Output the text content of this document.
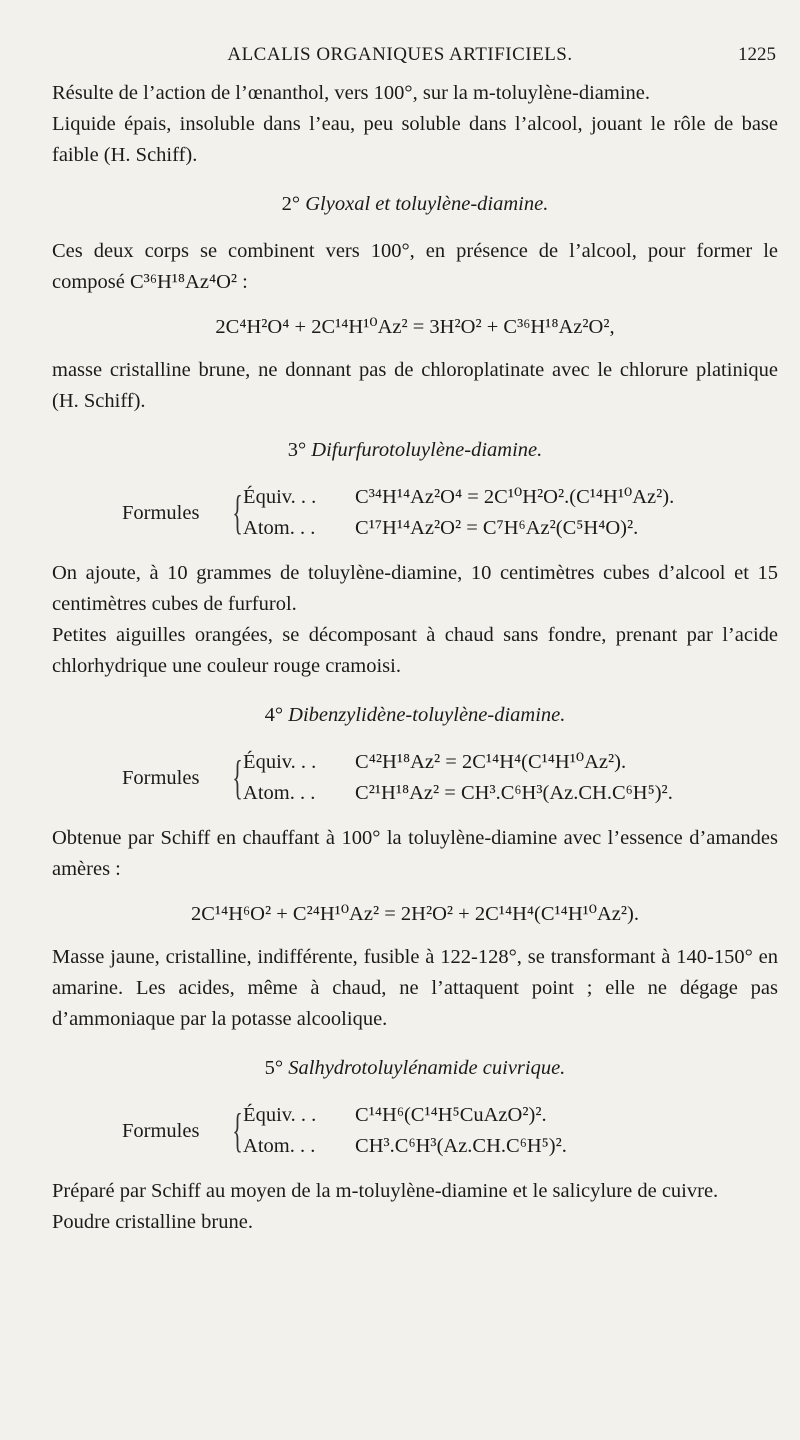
ALCALIS ORGANIQUES ARTIFICIELS.	1225

Résulte de l’action de l’œnanthol, vers 100°, sur la m-toluylène-diamine.

Liquide épais, insoluble dans l’eau, peu soluble dans l’alcool, jouant le rôle de base faible (H. Schiff).

2° Glyoxal et toluylène-diamine.

Ces deux corps se combinent vers 100°, en présence de l’alcool, pour former le composé C³⁶H¹⁸Az⁴O² :

2C⁴H²O⁴ + 2C¹⁴H¹⁰Az² = 3H²O² + C³⁶H¹⁸Az²O²,

masse cristalline brune, ne donnant pas de chloroplatinate avec le chlorure platinique (H. Schiff).

3° Difurfurotoluylène-diamine.
Formules { Équiv. . .	C³⁴H¹⁴Az²O⁴ = 2C¹⁰H²O².(C¹⁴H¹⁰Az²).
Atom. . .	C¹⁷H¹⁴Az²O² = C⁷H⁶Az²(C⁵H⁴O)².

On ajoute, à 10 grammes de toluylène-diamine, 10 centimètres cubes d’alcool et 15 centimètres cubes de furfurol.

Petites aiguilles orangées, se décomposant à chaud sans fondre, prenant par l’acide chlorhydrique une couleur rouge cramoisi.

4° Dibenzylidène-toluylène-diamine.
Formules { Équiv. . .	C⁴²H¹⁸Az² = 2C¹⁴H⁴(C¹⁴H¹⁰Az²).
Atom. . .	C²¹H¹⁸Az² = CH³.C⁶H³(Az.CH.C⁶H⁵)².

Obtenue par Schiff en chauffant à 100° la toluylène-diamine avec l’essence d’amandes amères :

2C¹⁴H⁶O² + C²⁴H¹⁰Az² = 2H²O² + 2C¹⁴H⁴(C¹⁴H¹⁰Az²).

Masse jaune, cristalline, indifférente, fusible à 122-128°, se transformant à 140-150° en amarine. Les acides, même à chaud, ne l’attaquent point ; elle ne dégage pas d’ammoniaque par la potasse alcoolique.

5° Salhydrotoluylénamide cuivrique.
Formules { Équiv. . .	C¹⁴H⁶(C¹⁴H⁵CuAzO²)².
Atom. . .	CH³.C⁶H³(Az.CH.C⁶H⁵)².

Préparé par Schiff au moyen de la m-toluylène-diamine et le salicylure de cuivre.

Poudre cristalline brune.
